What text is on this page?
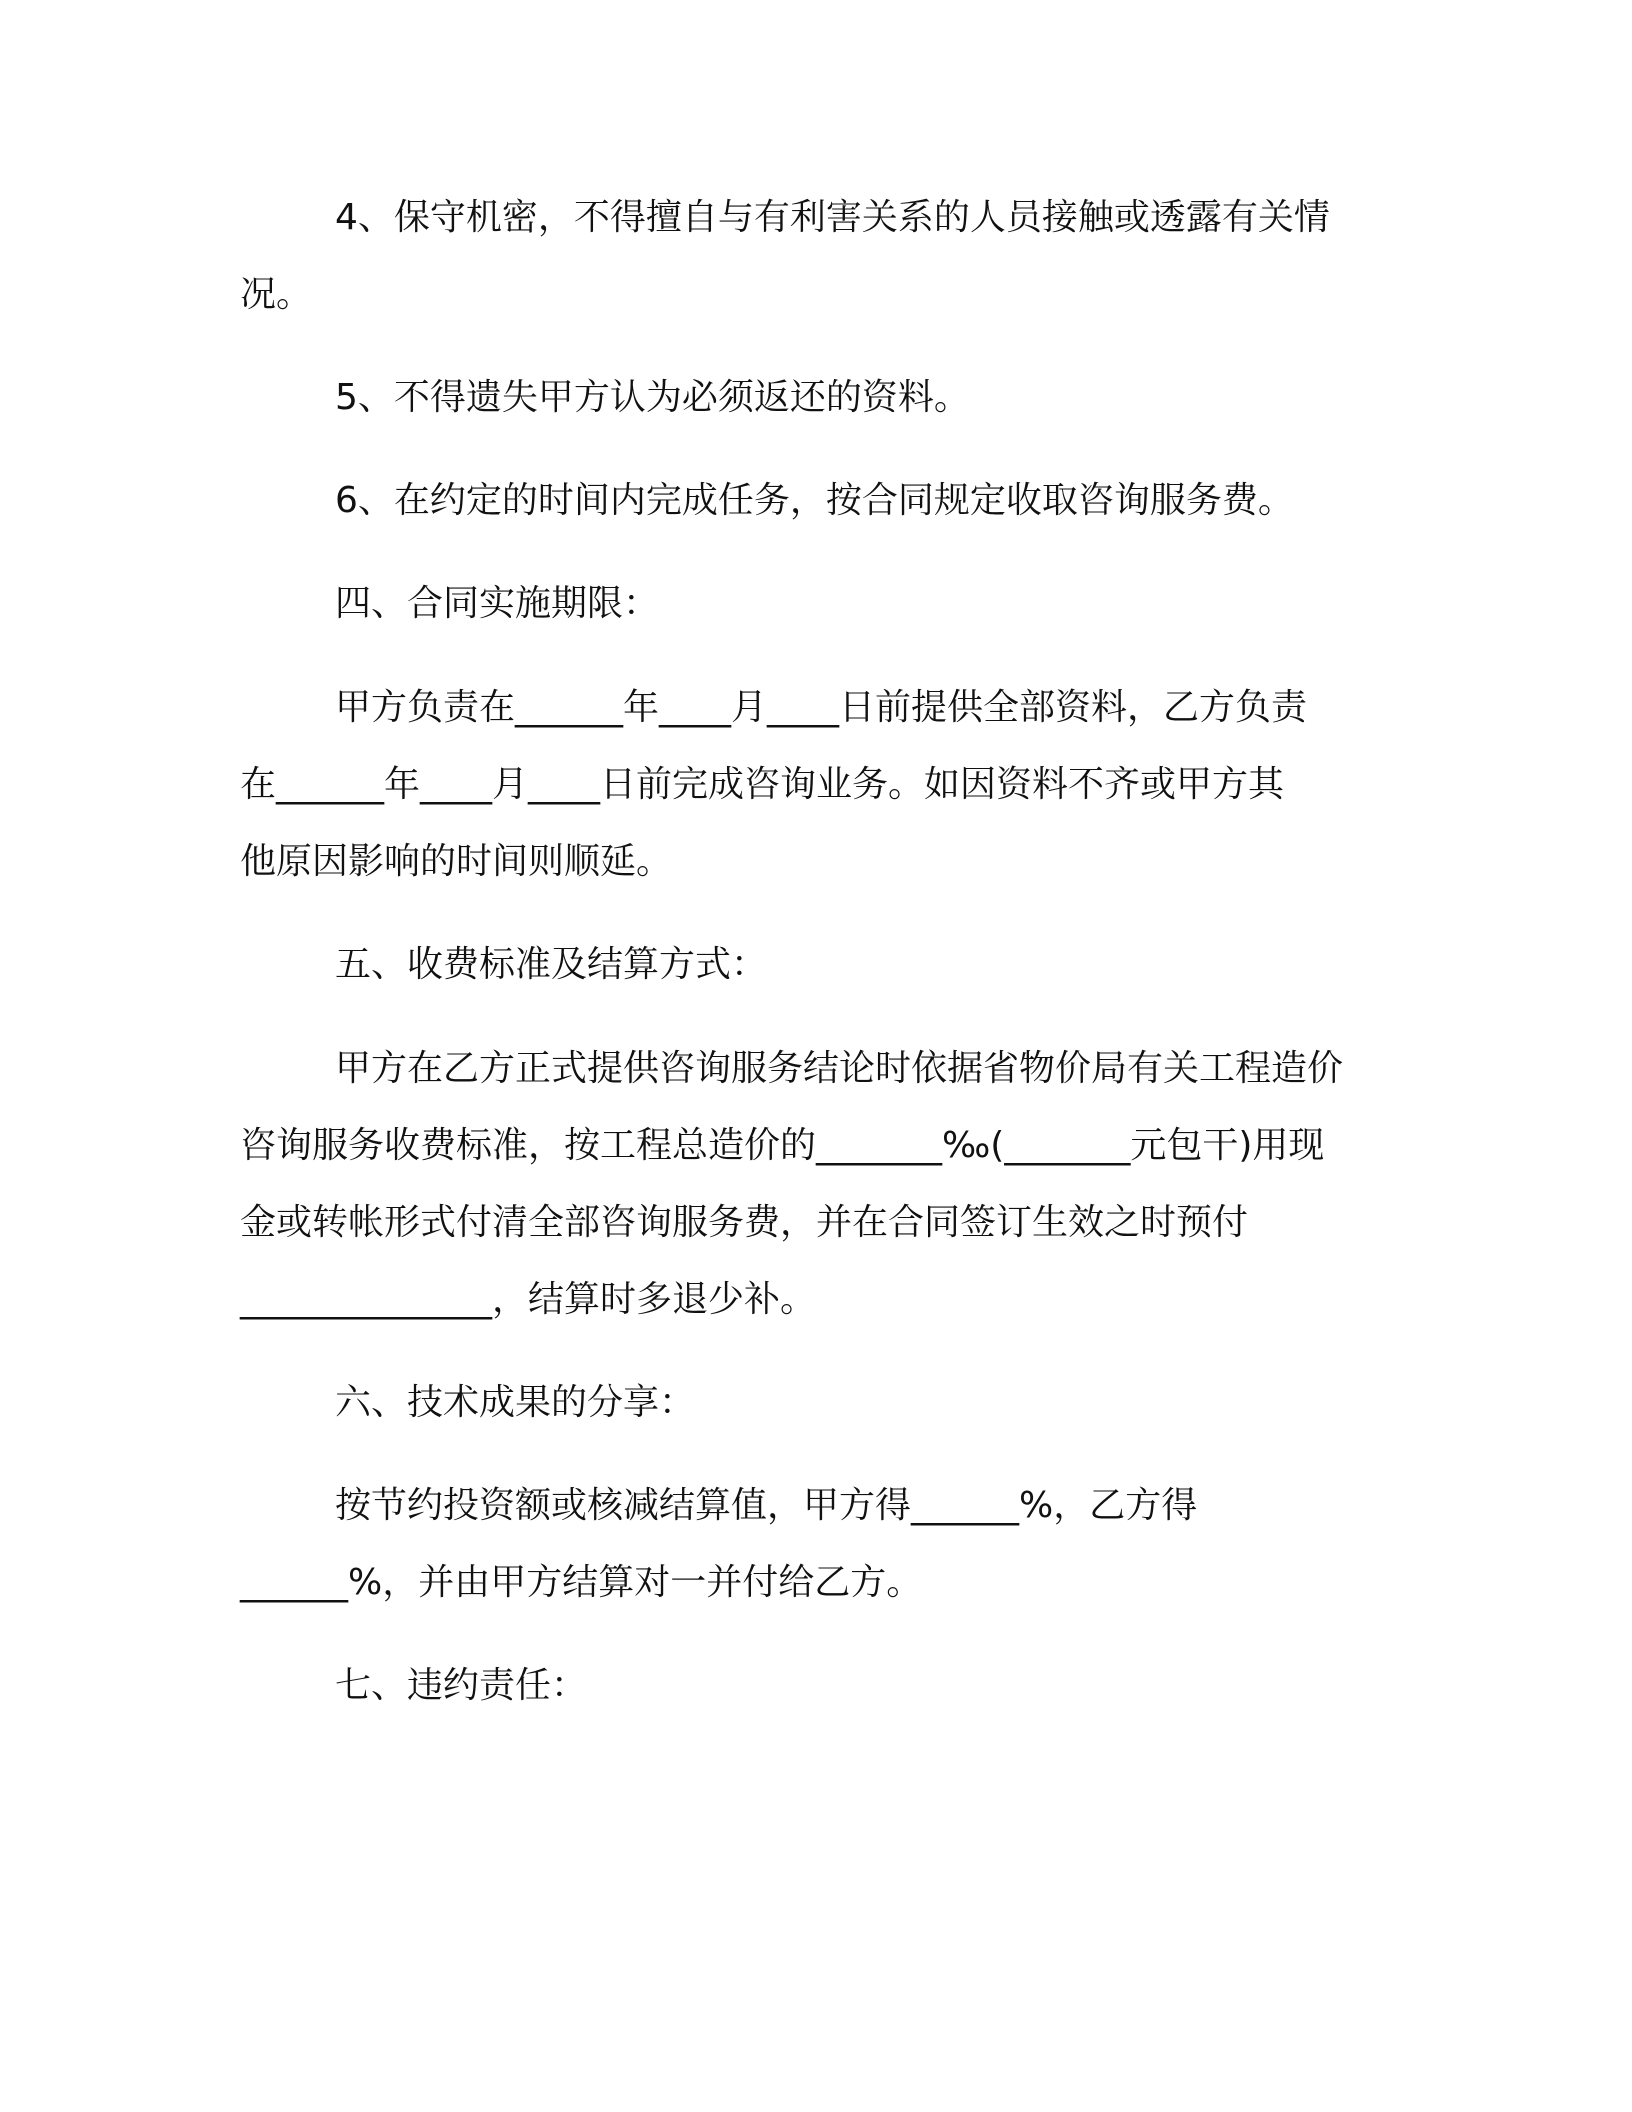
4、保守机密，不得擅自与有利害关系的人员接触或透露有关情

况。

5、不得遗失甲方认为必须返还的资料。

6、在约定的时间内完成任务，按合同规定收取咨询服务费。

四、合同实施期限：

甲方负责在______年____月____日前提供全部资料，乙方负责

在______年____月____日前完成咨询业务。如因资料不齐或甲方其

他原因影响的时间则顺延。

五、收费标准及结算方式：

甲方在乙方正式提供咨询服务结论时依据省物价局有关工程造价

咨询服务收费标准，按工程总造价的_______‰(_______元包干)用现

金或转帐形式付清全部咨询服务费，并在合同签订生效之时预付

______________，结算时多退少补。

六、技术成果的分享：

按节约投资额或核减结算值，甲方得______%，乙方得

______%，并由甲方结算对一并付给乙方。

七、违约责任：
